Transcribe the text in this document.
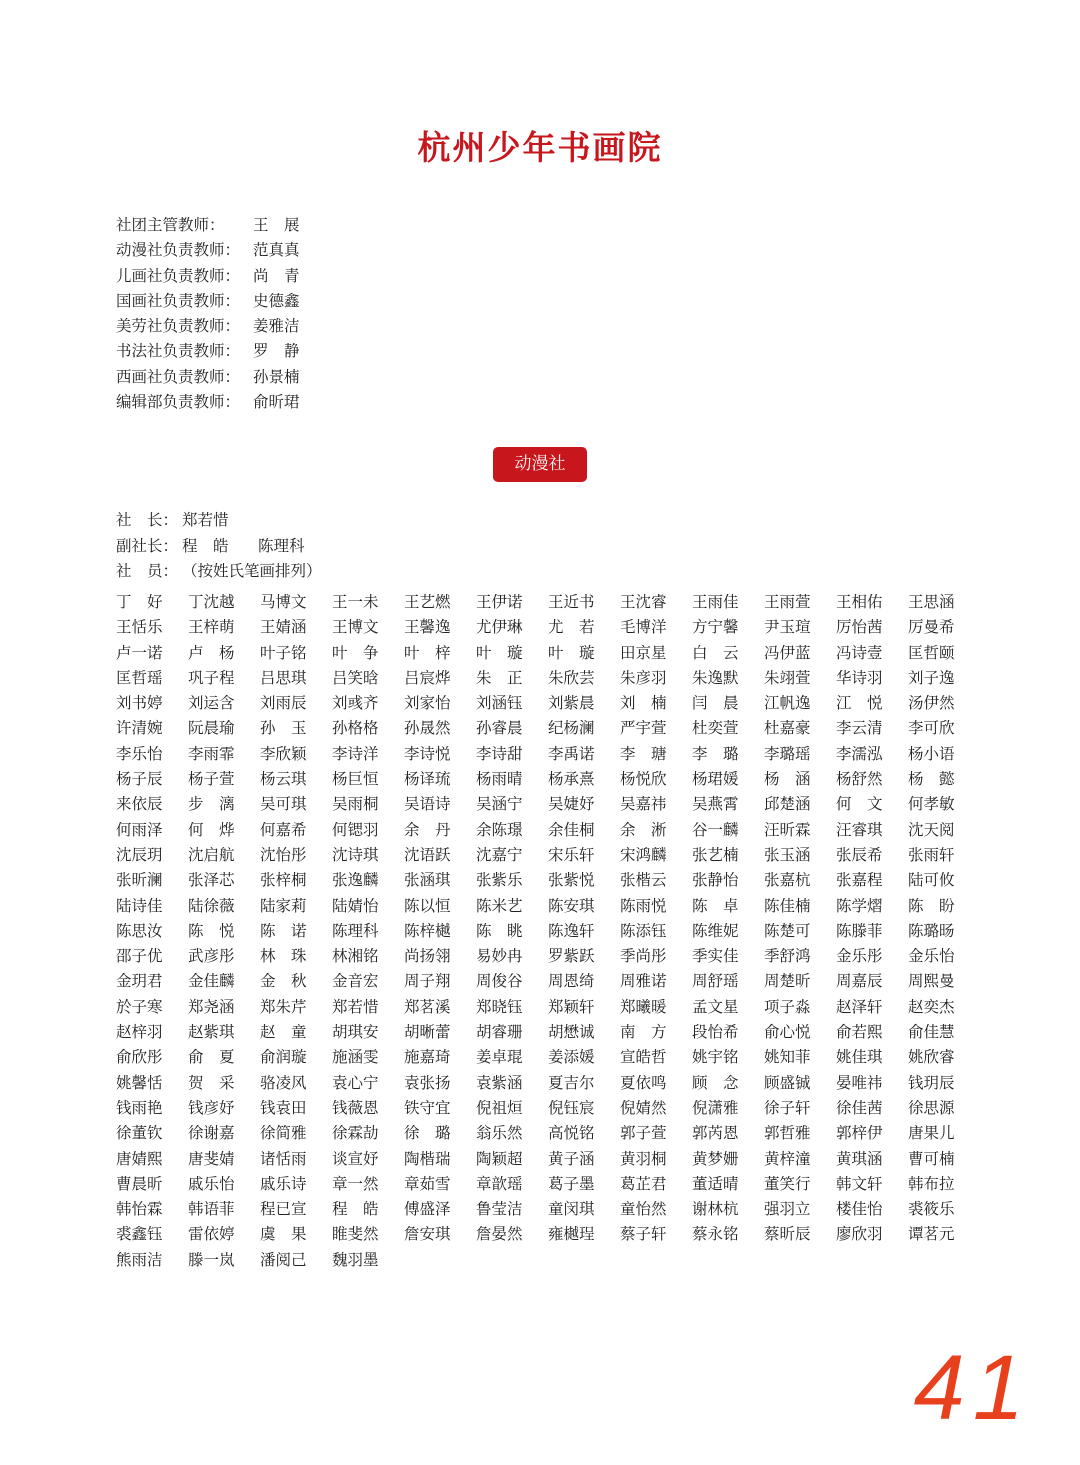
杭州少年书画院
社团主管教师： 王　展
动漫社负责教师： 范真真
儿画社负责教师： 尚　青
国画社负责教师： 史德鑫
美劳社负责教师： 姜雅洁
书法社负责教师： 罗　静
西画社负责教师： 孙景楠
编辑部负责教师： 俞昕珺
动漫社
社　长： 郑若惜
副社长： 程　皓 陈理科
社　员： （按姓氏笔画排列）
丁　好	丁沈越	马博文	王一未	王艺燃	王伊诺	王近书	王沈睿	王雨佳	王雨萱	王相佑	王思涵
王恬乐	王梓萌	王婧涵	王博文	王馨逸	尤伊琳	尤　若	毛博洋	方宁馨	尹玉瑄	厉怡茜	厉曼希
卢一诺	卢　杨	叶子铭	叶　争	叶　梓	叶　璇	叶　璇	田京星	白　云	冯伊蓝	冯诗壹	匡哲颐
匡哲瑶	巩子程	吕思琪	吕笑晗	吕宸烨	朱　正	朱欣芸	朱彦羽	朱逸默	朱翊萱	华诗羽	刘子逸
刘书婷	刘运含	刘雨辰	刘彧齐	刘家怡	刘涵钰	刘紫晨	刘　楠	闫　晨	江帆逸	江　悦	汤伊然
许清婉	阮晨瑜	孙　玉	孙格格	孙晟然	孙睿晨	纪杨澜	严宇萱	杜奕萱	杜嘉豪	李云清	李可欣
李乐怡	李雨霏	李欣颖	李诗洋	李诗悦	李诗甜	李禹诺	李　瑭	李　璐	李璐瑶	李濡泓	杨小语
杨子辰	杨子萱	杨云琪	杨巨恒	杨译琉	杨雨晴	杨承熹	杨悦欣	杨珺媛	杨　涵	杨舒然	杨　懿
来依辰	步　漓	吴可琪	吴雨桐	吴语诗	吴涵宁	吴婕妤	吴嘉祎	吴燕霄	邱楚涵	何　文	何孝敏
何雨泽	何　烨	何嘉希	何锶羽	余　丹	余陈璟	余佳桐	余　淅	谷一麟	汪昕霖	汪睿琪	沈天阅
沈辰玥	沈启航	沈怡彤	沈诗琪	沈语跃	沈嘉宁	宋乐轩	宋鸿麟	张艺楠	张玉涵	张辰希	张雨轩
张昕澜	张泽芯	张梓桐	张逸麟	张涵琪	张紫乐	张紫悦	张楷云	张静怡	张嘉杭	张嘉程	陆可攸
陆诗佳	陆徐薇	陆家莉	陆婧怡	陈以恒	陈米艺	陈安琪	陈雨悦	陈　卓	陈佳楠	陈学熠	陈　盼
陈思汝	陈　悦	陈　诺	陈理科	陈梓樾	陈　眺	陈逸轩	陈添钰	陈维妮	陈楚可	陈滕菲	陈璐旸
邵子优	武彦彤	林　珠	林湘铭	尚扬翎	易妙冉	罗紫跃	季尚彤	季实佳	季舒鸿	金乐彤	金乐怡
金玥君	金佳麟	金　秋	金音宏	周子翔	周俊谷	周恩绮	周雅诺	周舒瑶	周楚昕	周嘉辰	周熙曼
於子寒	郑尧涵	郑朱芹	郑若惜	郑茗溪	郑晓钰	郑颖轩	郑曦暖	孟文星	项子淼	赵泽轩	赵奕杰
赵梓羽	赵紫琪	赵　童	胡琪安	胡晰蕾	胡睿珊	胡懋诚	南　方	段怡希	俞心悦	俞若熙	俞佳慧
俞欣彤	俞　夏	俞润璇	施涵雯	施嘉琦	姜卓琨	姜添媛	宣皓哲	姚宇铭	姚知菲	姚佳琪	姚欣睿
姚馨恬	贺　采	骆凌风	袁心宁	袁张扬	袁紫涵	夏吉尔	夏依鸣	顾　念	顾盛铖	晏唯祎	钱玥辰
钱雨艳	钱彦妤	钱袁田	钱薇恩	铁守宜	倪祖烜	倪钰宸	倪婧然	倪潇雅	徐子轩	徐佳茜	徐思源
徐董钦	徐谢嘉	徐简雅	徐霖劼	徐　璐	翁乐然	高悦铭	郭子萱	郭芮恩	郭哲雅	郭梓伊	唐果儿
唐婧熙	唐斐婧	诸恬雨	谈宣妤	陶楷瑞	陶颖超	黄子涵	黄羽桐	黄梦姗	黄梓潼	黄琪涵	曹可楠
曹晨昕	戚乐怡	戚乐诗	章一然	章茹雪	章歆瑶	葛子墨	葛芷君	董适晴	董笑行	韩文轩	韩布拉
韩怡霖	韩语菲	程已宣	程　皓	傅盛泽	鲁莹洁	童闵琪	童怡然	谢林杭	强羽立	楼佳怡	裘筱乐
裘鑫钰	雷依婷	虞　果	睢斐然	詹安琪	詹晏然	雍樾珵	蔡子轩	蔡永铭	蔡昕辰	廖欣羽	谭茗元
熊雨洁	滕一岚	潘阅己	魏羽墨
41
